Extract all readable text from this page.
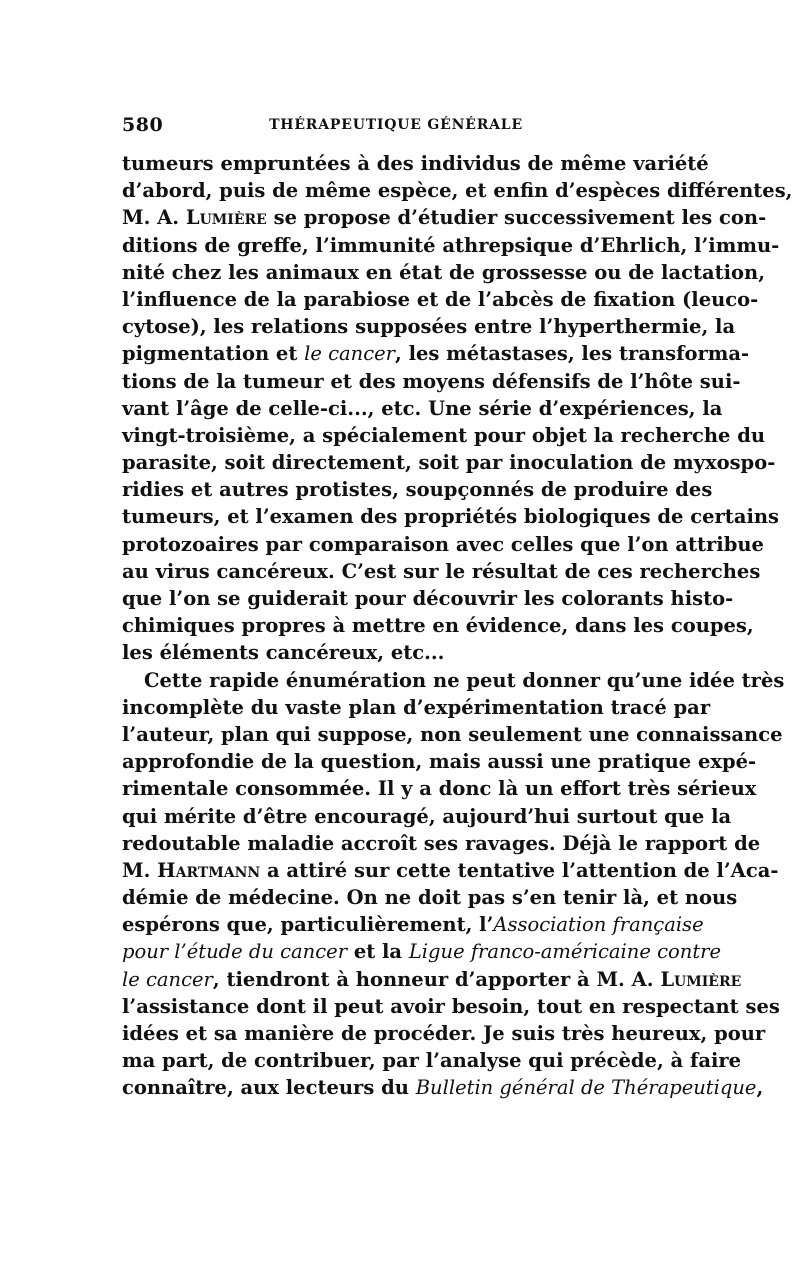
580	THÉRAPEUTIQUE GÉNÉRALE
tumeurs empruntées à des individus de même variété
d’abord, puis de même espèce, et enfin d’espèces différentes,
M. A. Lumière se propose d’étudier successivement les con-
ditions de greffe, l’immunité athrepsique d’Ehrlich, l’immu-
nité chez les animaux en état de grossesse ou de lactation,
l’influence de la parabiose et de l’abcès de fixation (leuco-
cytose), les relations supposées entre l’hyperthermie, la
pigmentation et le cancer, les métastases, les transforma-
tions de la tumeur et des moyens défensifs de l’hôte sui-
vant l’âge de celle-ci..., etc. Une série d’expériences, la
vingt-troisième, a spécialement pour objet la recherche du
parasite, soit directement, soit par inoculation de myxospo-
ridies et autres protistes, soupçonnés de produire des
tumeurs, et l’examen des propriétés biologiques de certains
protozoaires par comparaison avec celles que l’on attribue
au virus cancéreux. C’est sur le résultat de ces recherches
que l’on se guiderait pour découvrir les colorants histo-
chimiques propres à mettre en évidence, dans les coupes,
les éléments cancéreux, etc...
Cette rapide énumération ne peut donner qu’une idée très
incomplète du vaste plan d’expérimentation tracé par
l’auteur, plan qui suppose, non seulement une connaissance
approfondie de la question, mais aussi une pratique expé-
rimentale consommée. Il y a donc là un effort très sérieux
qui mérite d’être encouragé, aujourd’hui surtout que la
redoutable maladie accroît ses ravages. Déjà le rapport de
M. Hartmann a attiré sur cette tentative l’attention de l’Aca-
démie de médecine. On ne doit pas s’en tenir là, et nous
espérons que, particulièrement, l’Association française
pour l’étude du cancer et la Ligue franco-américaine contre
le cancer, tiendront à honneur d’apporter à M. A. Lumière
l’assistance dont il peut avoir besoin, tout en respectant ses
idées et sa manière de procéder. Je suis très heureux, pour
ma part, de contribuer, par l’analyse qui précède, à faire
connaître, aux lecteurs du Bulletin général de Thérapeutique,
